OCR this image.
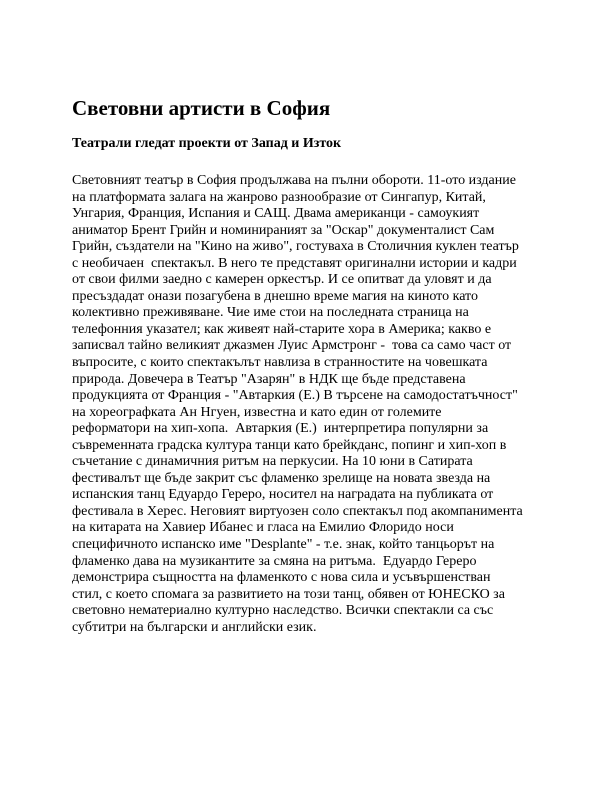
Световни артисти в София
Театрали гледат проекти от Запад и Изток
Световният театър в София продължава на пълни обороти. 11-ото издание
на платформата залага на жанрово разнообразие от Сингапур, Китай,
Унгария, Франция, Испания и САЩ. Двама американци - самоукият
аниматор Брент Грийн и номинираният за "Оскар" документалист Сам
Грийн, създатели на "Кино на живо", гостуваха в Столичния куклен театър
с необичаен  спектакъл. В него те представят оригинални истории и кадри
от свои филми заедно с камерен оркестър. И се опитват да уловят и да
пресъздадат онази позагубена в днешно време магия на киното като
колективно преживяване. Чие име стои на последната страница на
телефонния указател; как живеят най-старите хора в Америка; какво е
записвал тайно великият джазмен Луис Армстронг -  това са само част от
въпросите, с които спектакълът навлиза в странностите на човешката
природа. Довечера в Театър "Азарян" в НДК ще бъде представена
продукцията от Франция - "Автаркия (Е.) В търсене на самодостатъчност"
на хореографката Ан Нгуен, известна и като един от големите
реформатори на хип-хопа.  Автаркия (Е.)  интерпретира популярни за
съвременната градска култура танци като брейкданс, попинг и хип-хоп в
съчетание с динамичния ритъм на перкусии. На 10 юни в Сатирата
фестивалът ще бъде закрит със фламенко зрелище на новата звезда на
испанския танц Едуардо Гереро, носител на наградата на публиката от
фестивала в Херес. Неговият виртуозен соло спектакъл под акомпанимента
на китарата на Хавиер Ибанес и гласа на Емилио Флоридо носи
специфичното испанско име "Desplante" - т.е. знак, който танцьорът на
фламенко дава на музикантите за смяна на ритъма.  Едуардо Гереро
демонстрира същността на фламенкото с нова сила и усъвършенстван
стил, с което спомага за развитието на този танц, обявен от ЮНЕСКО за
световно нематериално културно наследство. Всички спектакли са със
субтитри на български и английски език.
